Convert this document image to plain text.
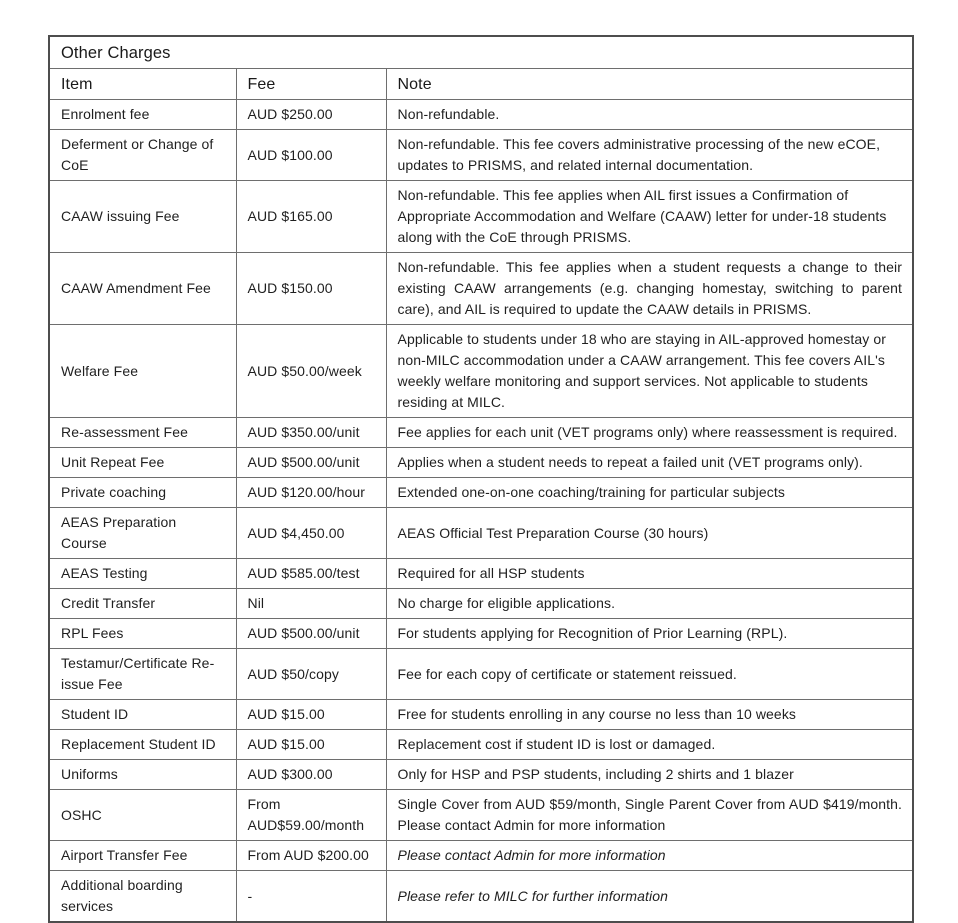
Other Charges		
Item	Fee	Note
Enrolment fee	AUD $250.00	Non-refundable.
Deferment or Change of CoE	AUD $100.00	Non-refundable. This fee covers administrative processing of the new eCOE, updates to PRISMS, and related internal documentation.
CAAW issuing Fee	AUD $165.00	Non-refundable. This fee applies when AIL first issues a Confirmation of Appropriate Accommodation and Welfare (CAAW) letter for under-18 students along with the CoE through PRISMS.
CAAW Amendment Fee	AUD $150.00	Non-refundable. This fee applies when a student requests a change to their existing CAAW arrangements (e.g. changing homestay, switching to parent care), and AIL is required to update the CAAW details in PRISMS.
Welfare Fee	AUD $50.00/week	Applicable to students under 18 who are staying in AIL-approved homestay or non-MILC accommodation under a CAAW arrangement. This fee covers AIL's weekly welfare monitoring and support services. Not applicable to students residing at MILC.
Re-assessment Fee	AUD $350.00/unit	Fee applies for each unit (VET programs only) where reassessment is required.
Unit Repeat Fee	AUD $500.00/unit	Applies when a student needs to repeat a failed unit (VET programs only).
Private coaching	AUD $120.00/hour	Extended one-on-one coaching/training for particular subjects
AEAS Preparation Course	AUD $4,450.00	AEAS Official Test Preparation Course (30 hours)
AEAS Testing	AUD $585.00/test	Required for all HSP students
Credit Transfer	Nil	No charge for eligible applications.
RPL Fees	AUD $500.00/unit	For students applying for Recognition of Prior Learning (RPL).
Testamur/Certificate Re-issue Fee	AUD $50/copy	Fee for each copy of certificate or statement reissued.
Student ID	AUD $15.00	Free for students enrolling in any course no less than 10 weeks
Replacement Student ID	AUD $15.00	Replacement cost if student ID is lost or damaged.
Uniforms	AUD $300.00	Only for HSP and PSP students, including 2 shirts and 1 blazer
OSHC	From AUD$59.00/month	Single Cover from AUD $59/month, Single Parent Cover from AUD $419/month. Please contact Admin for more information
Airport Transfer Fee	From AUD $200.00	Please contact Admin for more information
Additional boarding services	-	Please refer to MILC for further information
